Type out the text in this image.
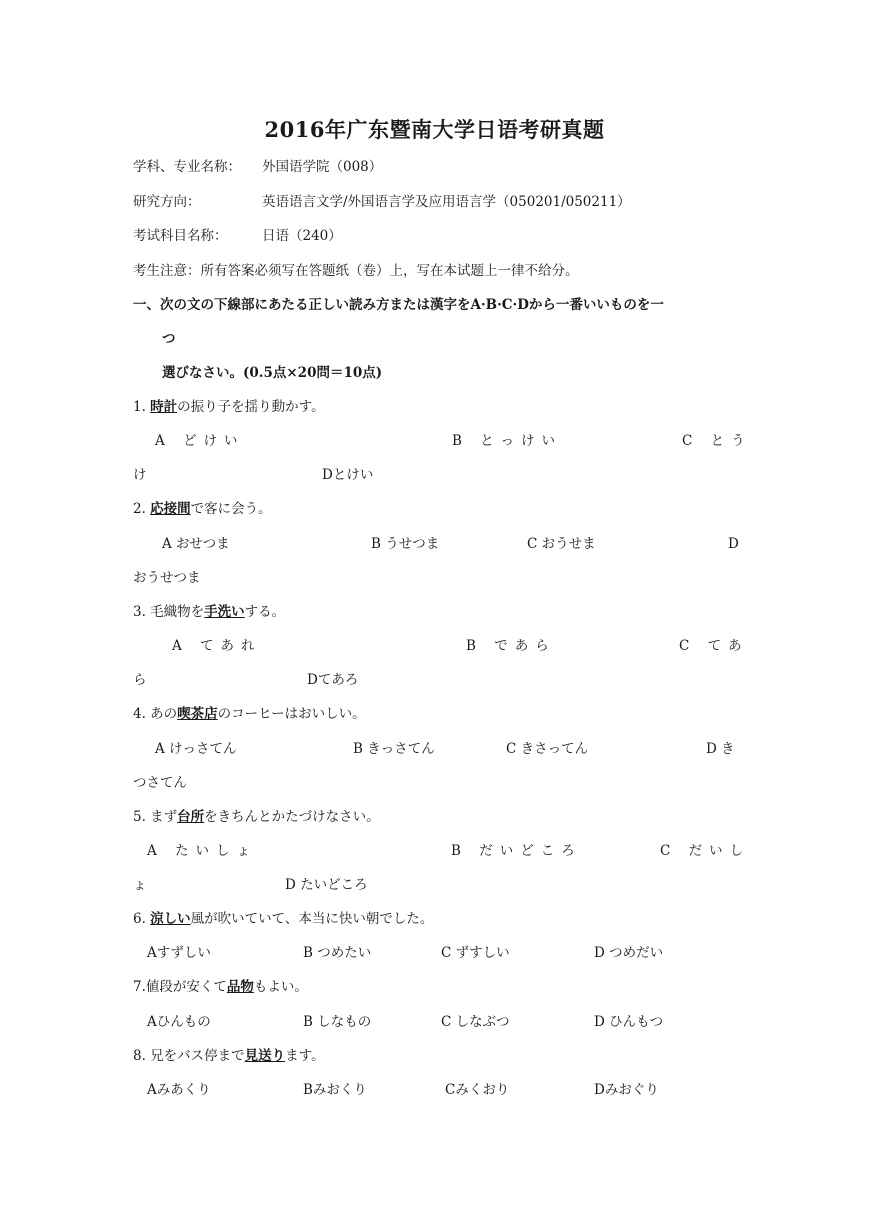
2016年广东暨南大学日语考研真题
学科、专业名称： 外国语学院（008）
研究方向：	英语语言文学/外国语言学及应用语言学（050201/050211）
考试科目名称：	日语（240）
考生注意：所有答案必须写在答题纸（卷）上，写在本试题上一律不给分。
一、次の文の下線部にあたる正しい読み方または漢字をA·B·C·Dから一番いいものを一
つ
選びなさい。(0.5点×20問＝10点)
1. 時計の振り子を揺り動かす。
A どけい	B とっけい	C とう
け	Dとけい
2. 応接間で客に会う。
A おせつま	B うせつま	C おうせま	D
おうせつま
3. 毛織物を手洗いする。
A てあれ	B であら	C てあ
ら	Dてあろ
4. あの喫茶店のコーヒーはおいしい。
A けっさてん	B きっさてん	C きさってん	D き
つさてん
5. まず台所をきちんとかたづけなさい。
A たいしょ	B だいどころ	C だいし
ょ	D たいどころ
6. 涼しい風が吹いていて、本当に快い朝でした。
Aすずしい	B つめたい	C ずすしい	D つめだい
7.値段が安くて品物もよい。
Aひんもの	B しなもの	C しなぶつ	D ひんもつ
8. 兄をバス停まで見送ります。
Aみあくり	Bみおくり	Cみくおり	Dみおぐり
